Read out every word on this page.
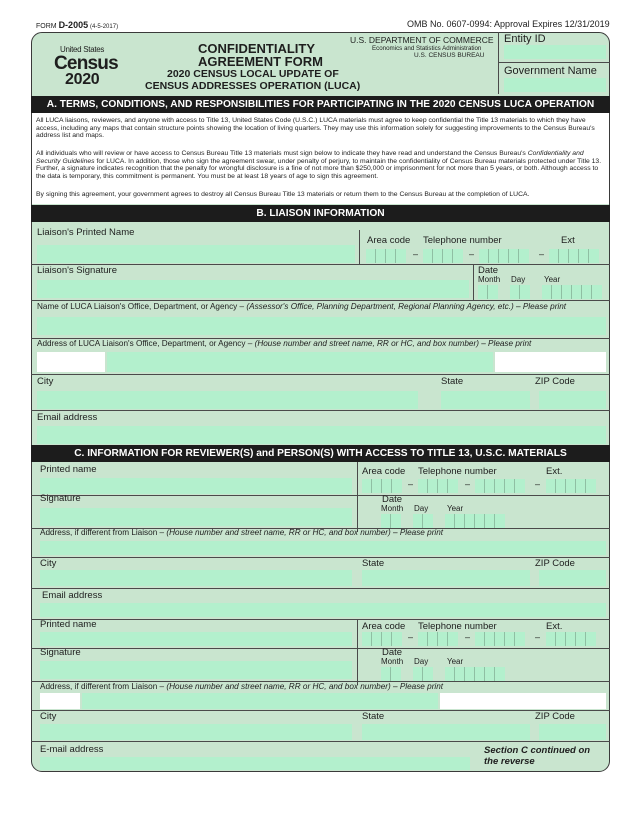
FORM D-2005 (4-5-2017)	OMB No. 0607-0994: Approval Expires 12/31/2019
United States
Census
2020
CONFIDENTIALITY
AGREEMENT FORM
2020 CENSUS LOCAL UPDATE OF
CENSUS ADDRESSES OPERATION (LUCA)
U.S. DEPARTMENT OF COMMERCE
Economics and Statistics Administration
U.S. CENSUS BUREAU
Entity ID
Government Name
A. TERMS, CONDITIONS, AND RESPONSIBILITIES FOR PARTICIPATING IN THE 2020 CENSUS LUCA OPERATION
All LUCA liaisons, reviewers, and anyone with access to Title 13, United States Code (U.S.C.) LUCA materials must agree to keep confidential the Title 13 materials to which they have access, including any maps that contain structure points showing the location of living quarters. They may use this information solely for suggesting improvements to the Census Bureau's address list and maps.
All individuals who will review or have access to Census Bureau Title 13 materials must sign below to indicate they have read and understand the Census Bureau's Confidentiality and Security Guidelines for LUCA. In addition, those who sign the agreement swear, under penalty of perjury, to maintain the confidentiality of Census Bureau materials protected under Title 13. Further, a signature indicates recognition that the penalty for wrongful disclosure is a fine of not more than $250,000 or imprisonment for not more than 5 years, or both. Although access to the data is temporary, this commitment is permanent. You must be at least 18 years of age to sign this agreement.
By signing this agreement, your government agrees to destroy all Census Bureau Title 13 materials or return them to the Census Bureau at the completion of LUCA.
B. LIAISON INFORMATION
Liaison's Printed Name
Area code Telephone number	Ext
–	–	–
Liaison's Signature	Date
Month Day Year
Name of LUCA Liaison's Office, Department, or Agency – (Assessor's Office, Planning Department, Regional Planning Agency, etc.) – Please print
Address of LUCA Liaison's Office, Department, or Agency – (House number and street name, RR or HC, and box number) – Please print
City	State	ZIP Code
Email address
C. INFORMATION FOR REVIEWER(S) and PERSON(S) WITH ACCESS TO TITLE 13, U.S.C. MATERIALS
Printed name	Area code Telephone number	Ext.
–	–	–
Signature	Date
Month Day Year
Address, if different from Liaison – (House number and street name, RR or HC, and box number) – Please print
City	State	ZIP Code
Email address
Printed name	Area code Telephone number	Ext.
–	–	–
Signature	Date
Month Day Year
Address, if different from Liaison – (House number and street name, RR or HC, and box number) – Please print
City	State	ZIP Code
E-mail address	Section C continued on
the reverse
